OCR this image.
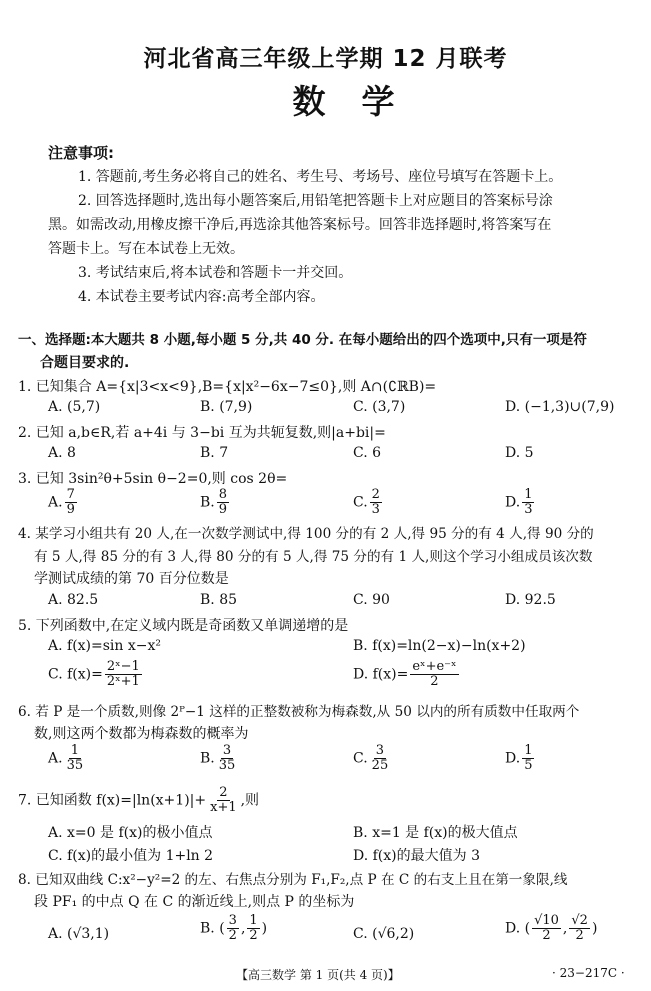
河北省高三年级上学期 12 月联考
数学
注意事项:
1. 答题前,考生务必将自己的姓名、考生号、考场号、座位号填写在答题卡上。
2. 回答选择题时,选出每小题答案后,用铅笔把答题卡上对应题目的答案标号涂
黑。如需改动,用橡皮擦干净后,再选涂其他答案标号。回答非选择题时,将答案写在
答题卡上。写在本试卷上无效。
3. 考试结束后,将本试卷和答题卡一并交回。
4. 本试卷主要考试内容:高考全部内容。
一、选择题:本大题共 8 小题,每小题 5 分,共 40 分. 在每小题给出的四个选项中,只有一项是符
合题目要求的.
1. 已知集合 A={x|3<x<9},B={x|x²−6x−7≤0},则 A∩(∁ℝB)=
A. (5,7)	B. (7,9)	C. (3,7)	D. (−1,3)∪(7,9)
2. 已知 a,b∈R,若 a+4i 与 3−bi 互为共轭复数,则|a+bi|=
A. 8	B. 7	C. 6	D. 5
3. 已知 3sin²θ+5sin θ−2=0,则 cos 2θ=
A. $\frac{7}{9}$	B. $\frac{8}{9}$	C. $\frac{2}{3}$	D. $\frac{1}{3}$
4. 某学习小组共有 20 人,在一次数学测试中,得 100 分的有 2 人,得 95 分的有 4 人,得 90 分的
有 5 人,得 85 分的有 3 人,得 80 分的有 5 人,得 75 分的有 1 人,则这个学习小组成员该次数
学测试成绩的第 70 百分位数是
A. 82.5	B. 85	C. 90	D. 92.5
5. 下列函数中,在定义域内既是奇函数又单调递增的是
A. f(x)=sin x−x²	B. f(x)=ln(2−x)−ln(x+2)
C. $f(x)= \frac{\text{2ˣ−1}}{\text{2ˣ+1}}$	D. $f(x)= \frac{\text{eˣ+e⁻ˣ}}{2}$
6. 若 P 是一个质数,则像 2ᴾ−1 这样的正整数被称为梅森数,从 50 以内的所有质数中任取两个
数,则这两个数都为梅森数的概率为
A. $\frac{1}{35}$	B. $\frac{3}{35}$	C. $\frac{3}{25}$	D. $\frac{1}{5}$
7. 已知函数 $f(x)=|\ln(x+1)|+ \frac{2}{x+1}$ ,则
A. x=0 是 f(x)的极小值点	B. x=1 是 f(x)的极大值点
C. f(x)的最小值为 1+ln 2	D. f(x)的最大值为 3
8. 已知双曲线 C:x²−y²=2 的左、右焦点分别为 F₁,F₂,点 P 在 C 的右支上且在第一象限,线
段 PF₁ 的中点 Q 在 C 的渐近线上,则点 P 的坐标为
A. (√3,1)	B. ( $\frac{3}{2}$ , $\frac{1}{2}$ )	C. (√6,2)	D. ( $\frac{√10}{2}$ , $\frac{√2}{2}$ )
【高三数学 第 1 页(共 4 页)】	· 23−217C ·
